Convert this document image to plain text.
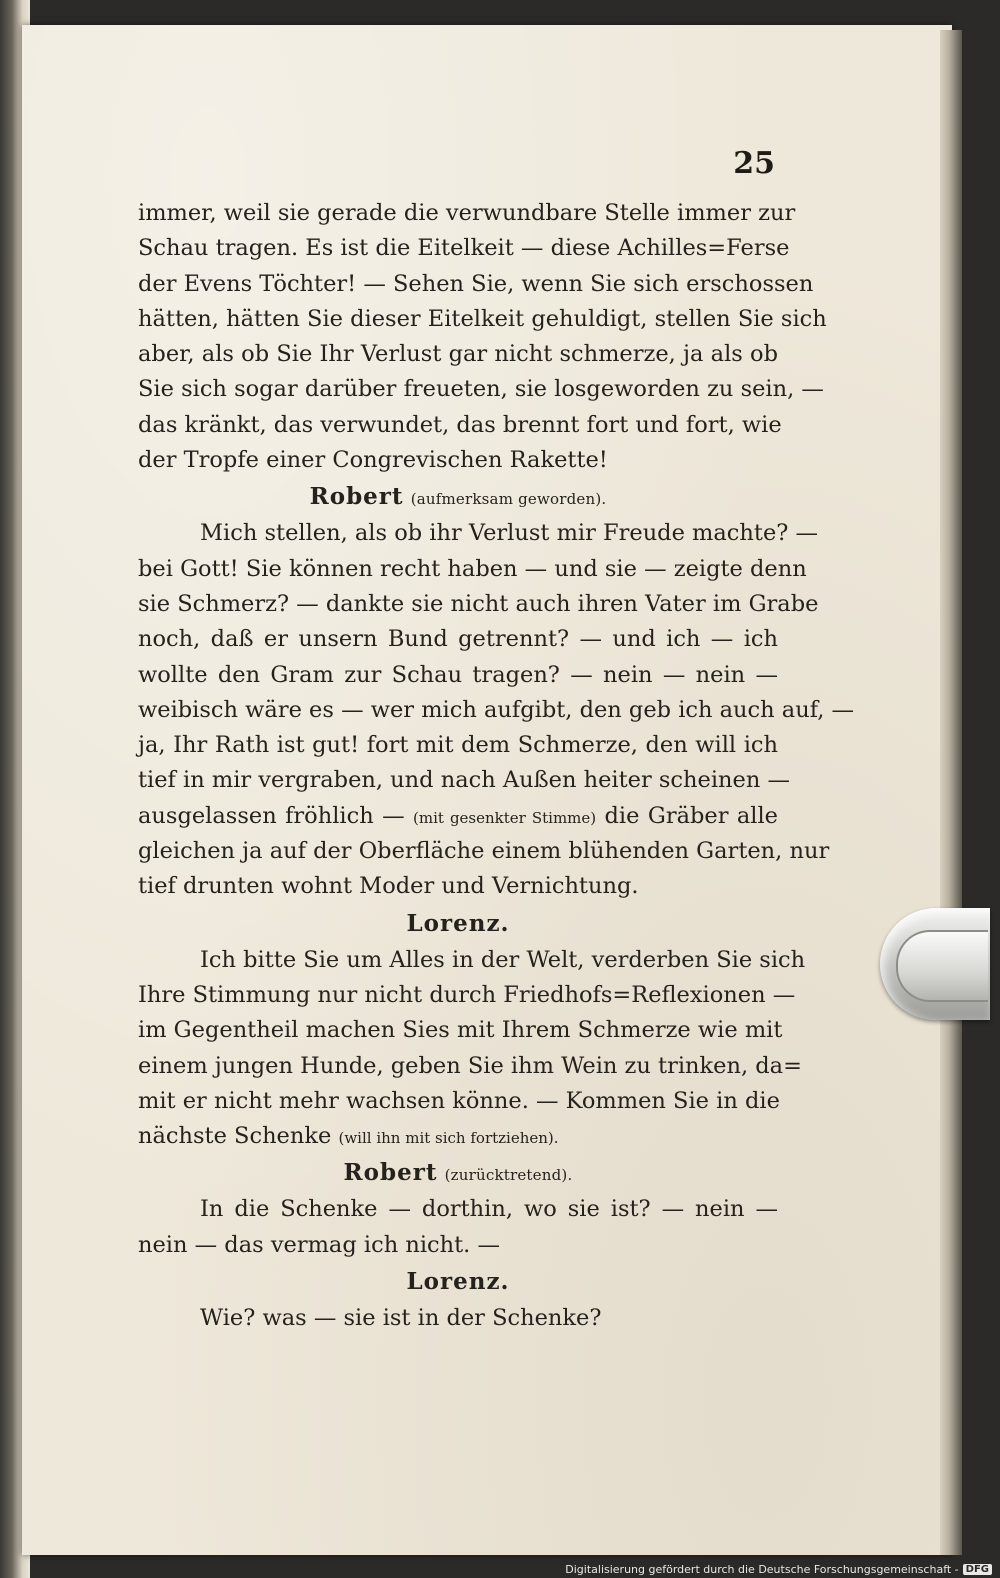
25
immer, weil sie gerade die verwundbare Stelle immer zur
Schau tragen. Es ist die Eitelkeit — diese Achilles=Ferse
der Evens Töchter! — Sehen Sie, wenn Sie sich erschossen
hätten, hätten Sie dieser Eitelkeit gehuldigt, stellen Sie sich
aber, als ob Sie Ihr Verlust gar nicht schmerze, ja als ob
Sie sich sogar darüber freueten, sie losgeworden zu sein, —
das kränkt, das verwundet, das brennt fort und fort, wie
der Tropfe einer Congrevischen Rakette!
Robert (aufmerksam geworden).
Mich stellen, als ob ihr Verlust mir Freude machte? —
bei Gott! Sie können recht haben — und sie — zeigte denn
sie Schmerz? — dankte sie nicht auch ihren Vater im Grabe
noch, daß er unsern Bund getrennt? — und ich — ich
wollte den Gram zur Schau tragen? — nein — nein —
weibisch wäre es — wer mich aufgibt, den geb ich auch auf, —
ja, Ihr Rath ist gut! fort mit dem Schmerze, den will ich
tief in mir vergraben, und nach Außen heiter scheinen —
ausgelassen fröhlich — (mit gesenkter Stimme) die Gräber alle
gleichen ja auf der Oberfläche einem blühenden Garten, nur
tief drunten wohnt Moder und Vernichtung.
Lorenz.
Ich bitte Sie um Alles in der Welt, verderben Sie sich
Ihre Stimmung nur nicht durch Friedhofs=Reflexionen —
im Gegentheil machen Sies mit Ihrem Schmerze wie mit
einem jungen Hunde, geben Sie ihm Wein zu trinken, da=
mit er nicht mehr wachsen könne. — Kommen Sie in die
nächste Schenke (will ihn mit sich fortziehen).
Robert (zurücktretend).
In die Schenke — dorthin, wo sie ist? — nein —
nein — das vermag ich nicht. —
Lorenz.
Wie? was — sie ist in der Schenke?
Digitalisierung gefördert durch die Deutsche Forschungsgemeinschaft - DFG
